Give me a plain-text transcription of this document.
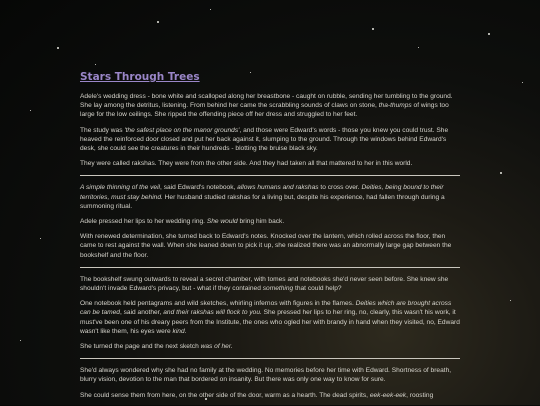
Stars Through Trees

Adele's wedding dress - bone white and scalloped along her breastbone - caught on rubble, sending her tumbling to the ground. She lay among the detritus, listening. From behind her came the scrabbling sounds of claws on stone, tha-thumps of wings too large for the low ceilings. She ripped the offending piece off her dress and struggled to her feet.

The study was 'the safest place on the manor grounds', and those were Edward's words - those you knew you could trust. She heaved the reinforced door closed and put her back against it, slumping to the ground. Through the windows behind Edward's desk, she could see the creatures in their hundreds - blotting the bruise black sky.

They were called rakshas. They were from the other side. And they had taken all that mattered to her in this world.

A simple thinning of the veil, said Edward's notebook, allows humans and rakshas to cross over. Deities, being bound to their territories, must stay behind. Her husband studied rakshas for a living but, despite his experience, had fallen through during a summoning ritual.

Adele pressed her lips to her wedding ring. She would bring him back.

With renewed determination, she turned back to Edward's notes. Knocked over the lantern, which rolled across the floor, then came to rest against the wall. When she leaned down to pick it up, she realized there was an abnormally large gap between the bookshelf and the floor.

The bookshelf swung outwards to reveal a secret chamber, with tomes and notebooks she'd never seen before. She knew she shouldn't invade Edward's privacy, but - what if they contained something that could help?

One notebook held pentagrams and wild sketches, whirling infernos with figures in the flames. Deities which are brought across can be tamed, said another, and their rakshas will flock to you. She pressed her lips to her ring, no, clearly, this wasn't his work, it must've been one of his dreary peers from the Institute, the ones who ogled her with brandy in hand when they visited, no, Edward wasn't like them, his eyes were kind.

She turned the page and the next sketch was of her.

She'd always wondered why she had no family at the wedding. No memories before her time with Edward. Shortness of breath, blurry vision, devotion to the man that bordered on insanity. But there was only one way to know for sure.

She could sense them from here, on the other side of the door, warm as a hearth. The dead spirits, eek-eek-eek, roosting
